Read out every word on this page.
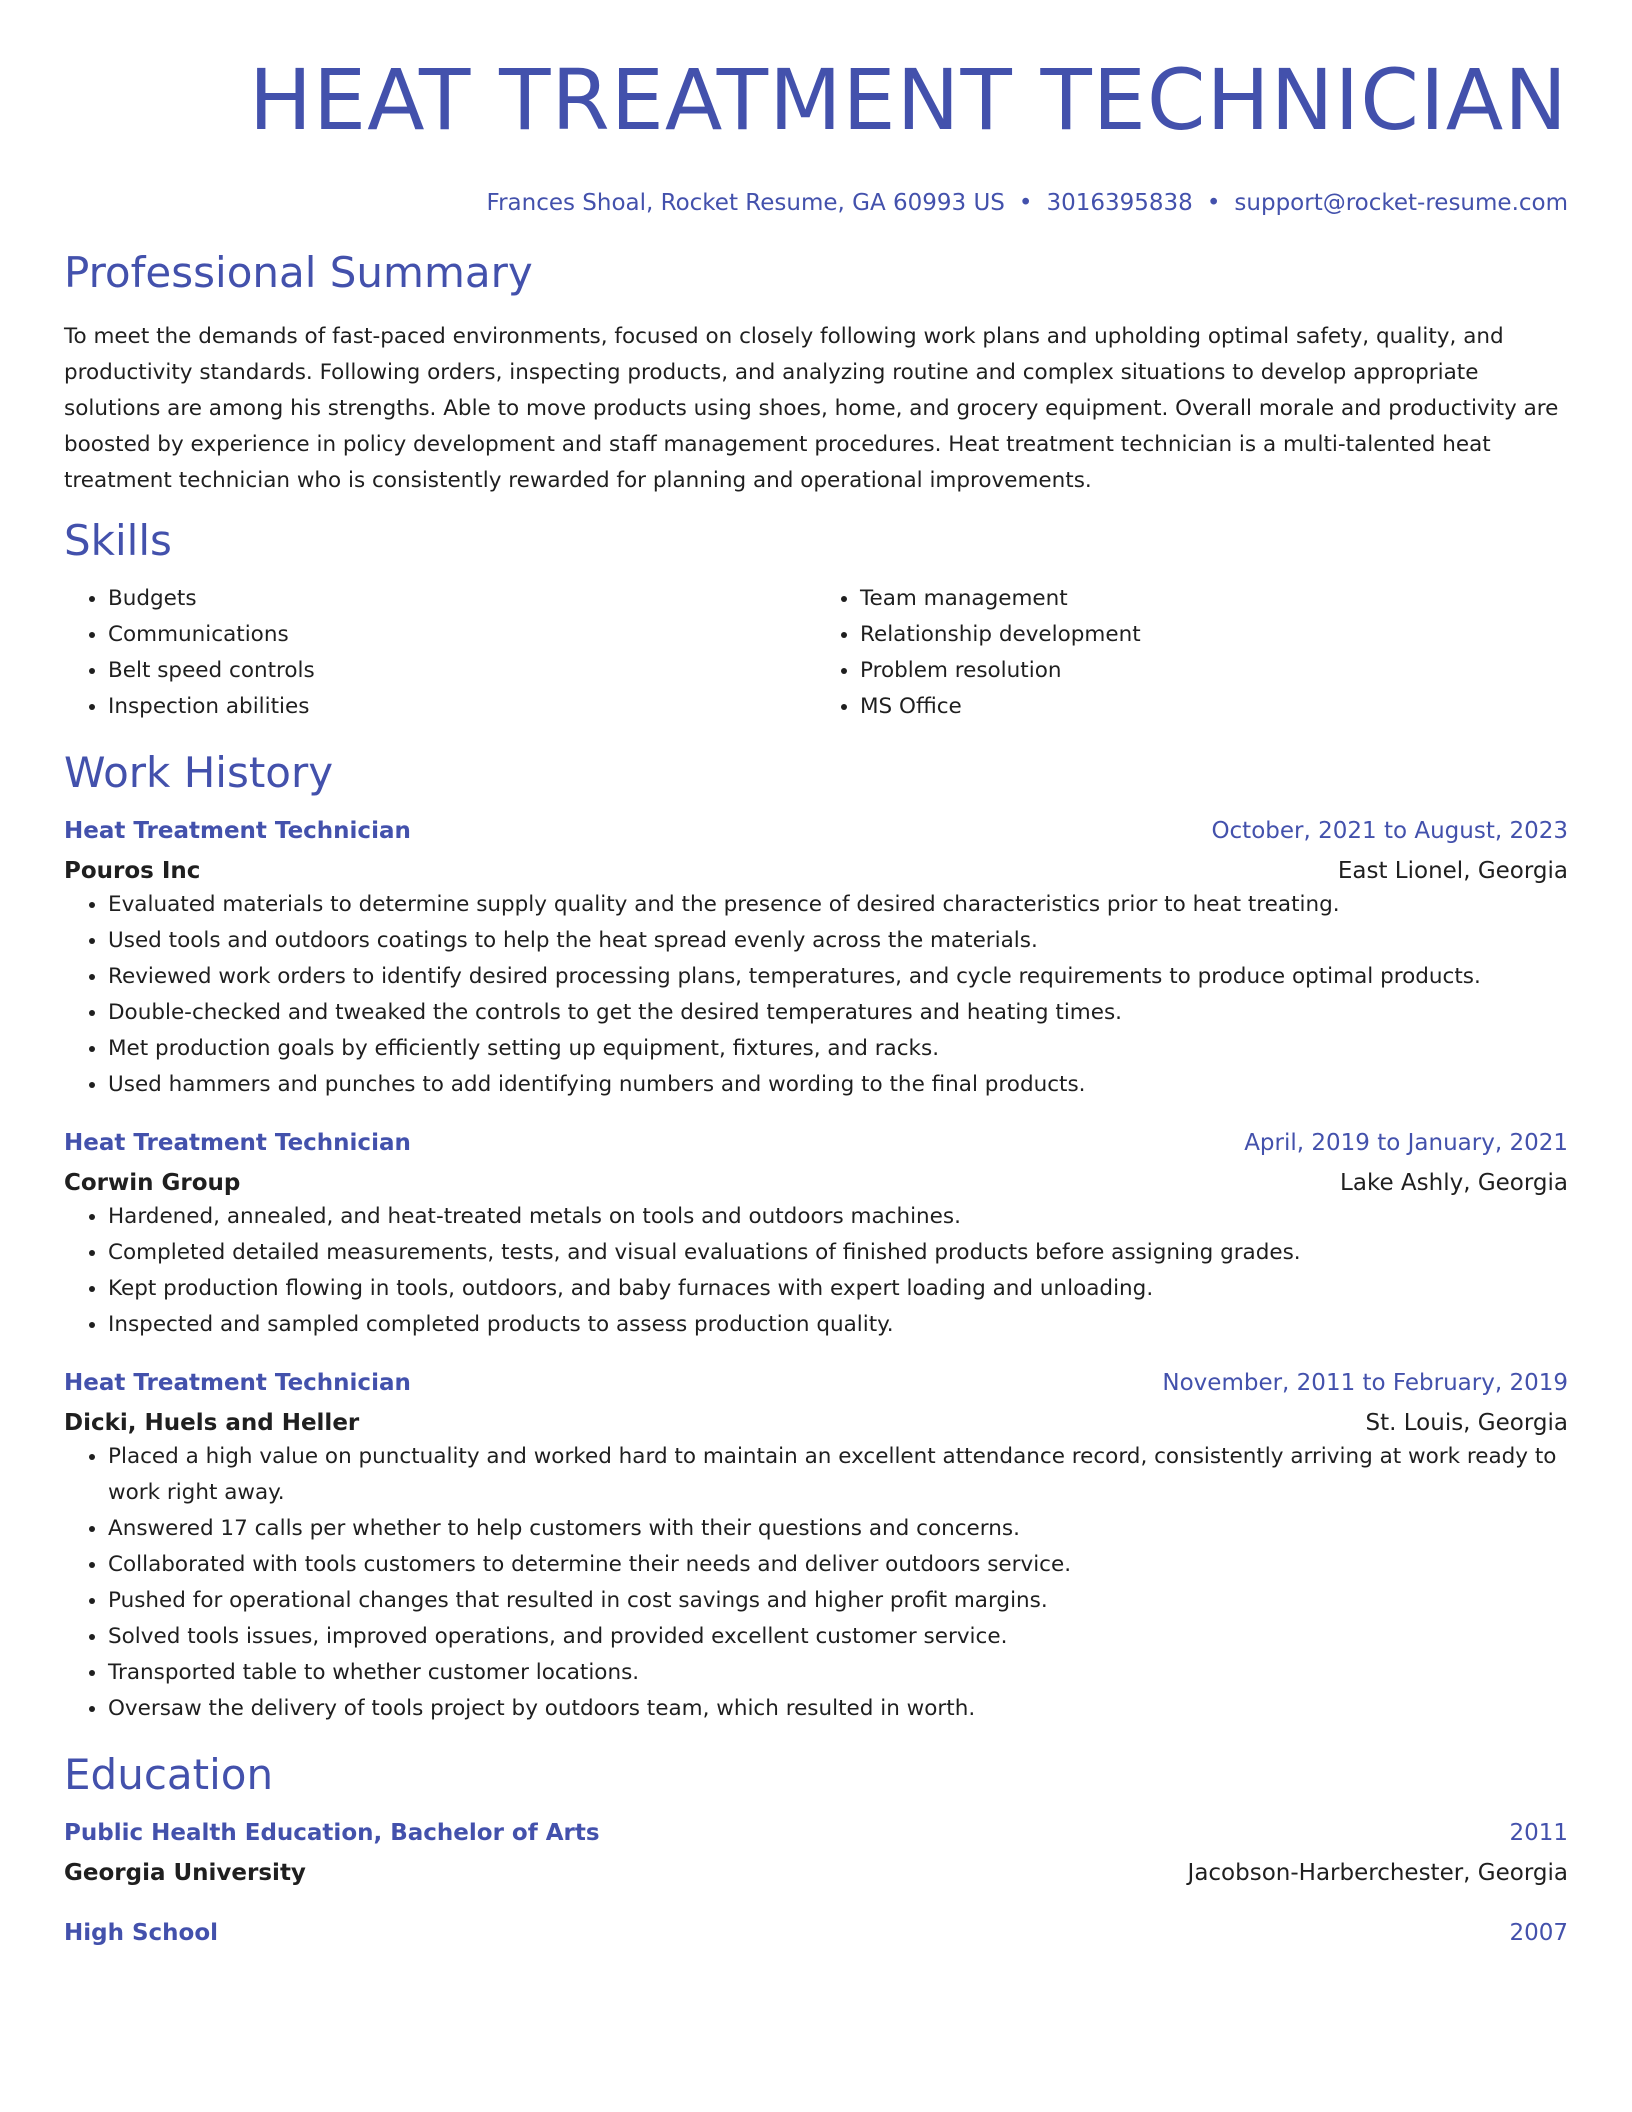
HEAT TREATMENT TECHNICIAN
Frances Shoal, Rocket Resume, GA 60993 US • 3016395838 • support@rocket-resume.com
Professional Summary

To meet the demands of fast-paced environments, focused on closely following work plans and upholding optimal safety, quality, and productivity standards. Following orders, inspecting products, and analyzing routine and complex situations to develop appropriate solutions are among his strengths. Able to move products using shoes, home, and grocery equipment. Overall morale and productivity are boosted by experience in policy development and staff management procedures. Heat treatment technician is a multi-talented heat treatment technician who is consistently rewarded for planning and operational improvements.

Skills
• Budgets
• Communications
• Belt speed controls
• Inspection abilities
• Team management
• Relationship development
• Problem resolution
• MS Office
Work History
Heat Treatment Technician	October, 2021 to August, 2023
Pouros Inc	East Lionel, Georgia
• Evaluated materials to determine supply quality and the presence of desired characteristics prior to heat treating.
• Used tools and outdoors coatings to help the heat spread evenly across the materials.
• Reviewed work orders to identify desired processing plans, temperatures, and cycle requirements to produce optimal products.
• Double-checked and tweaked the controls to get the desired temperatures and heating times.
• Met production goals by efficiently setting up equipment, fixtures, and racks.
• Used hammers and punches to add identifying numbers and wording to the final products.
Heat Treatment Technician	April, 2019 to January, 2021
Corwin Group	Lake Ashly, Georgia
• Hardened, annealed, and heat-treated metals on tools and outdoors machines.
• Completed detailed measurements, tests, and visual evaluations of finished products before assigning grades.
• Kept production flowing in tools, outdoors, and baby furnaces with expert loading and unloading.
• Inspected and sampled completed products to assess production quality.
Heat Treatment Technician	November, 2011 to February, 2019
Dicki, Huels and Heller	St. Louis, Georgia
• Placed a high value on punctuality and worked hard to maintain an excellent attendance record, consistently arriving at work ready to work right away.
• Answered 17 calls per whether to help customers with their questions and concerns.
• Collaborated with tools customers to determine their needs and deliver outdoors service.
• Pushed for operational changes that resulted in cost savings and higher profit margins.
• Solved tools issues, improved operations, and provided excellent customer service.
• Transported table to whether customer locations.
• Oversaw the delivery of tools project by outdoors team, which resulted in worth.
Education
Public Health Education, Bachelor of Arts	2011
Georgia University	Jacobson-Harberchester, Georgia
High School	2007
